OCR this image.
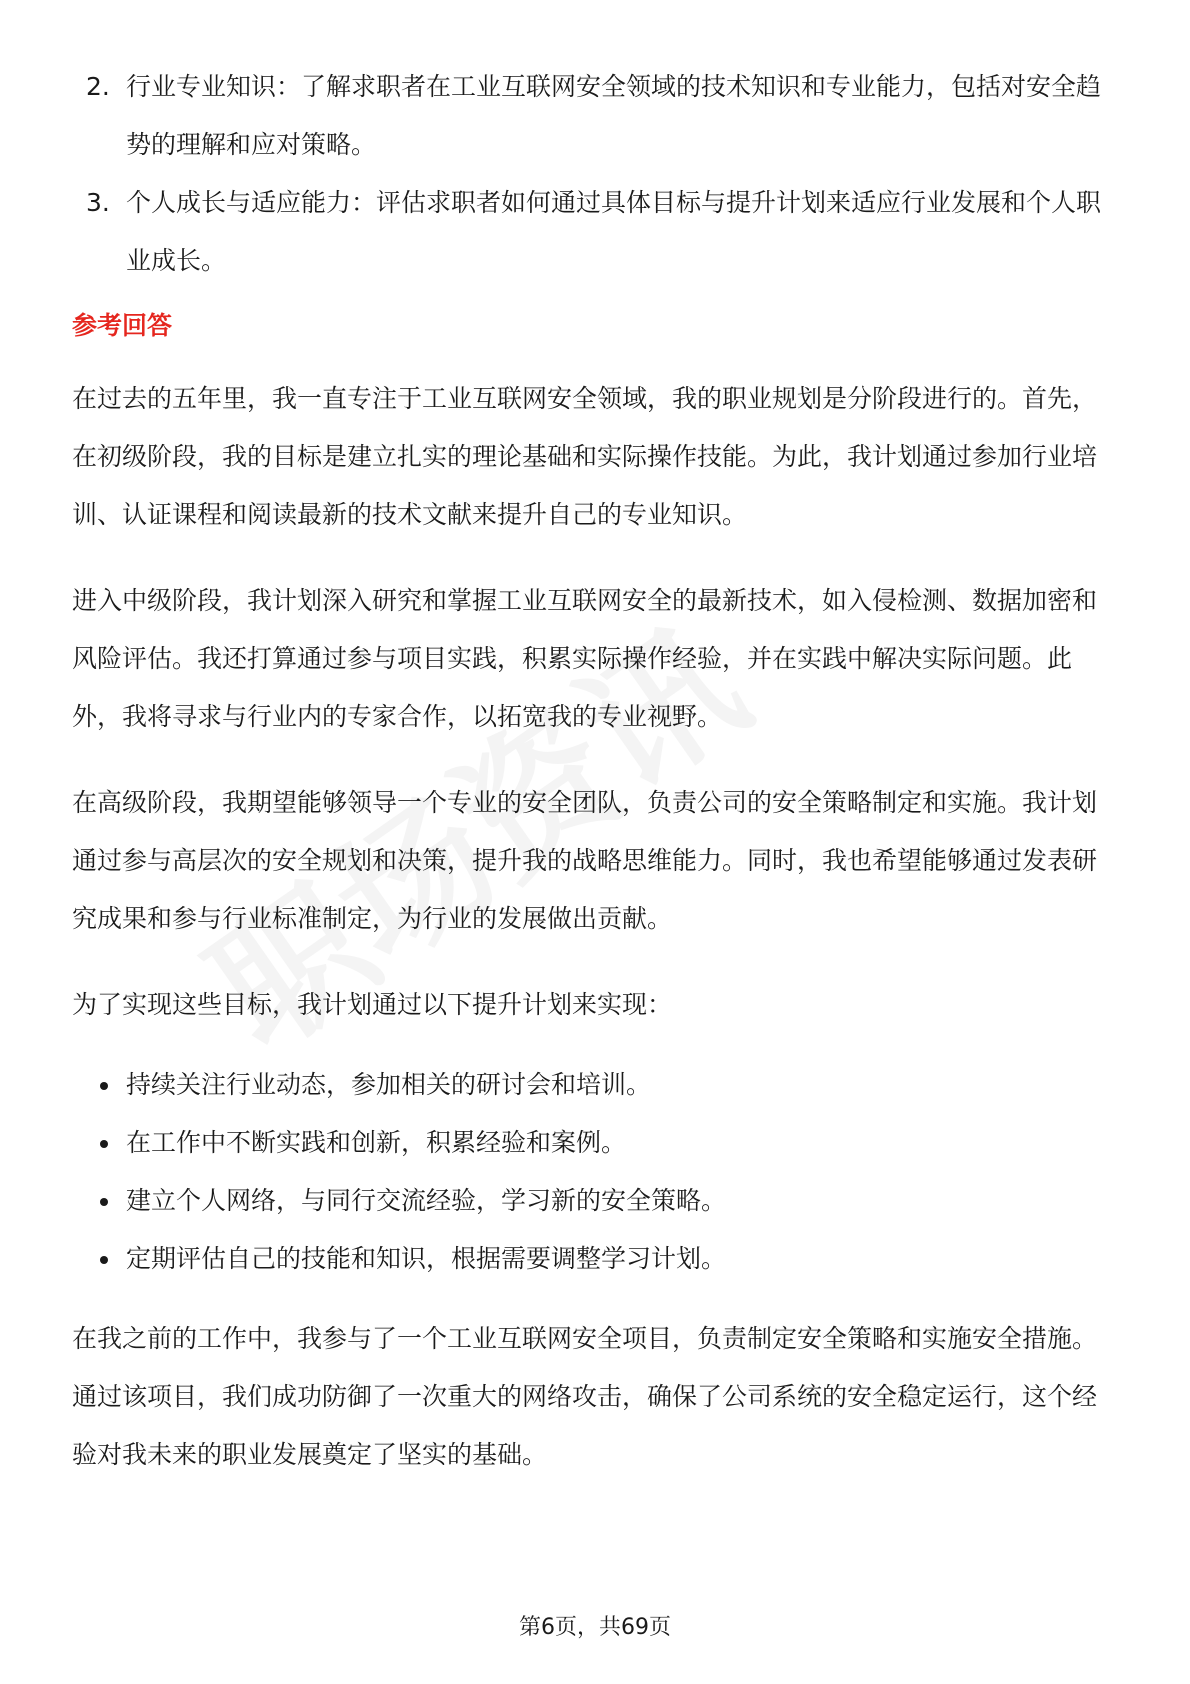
2. 行业专业知识：了解求职者在工业互联网安全领域的技术知识和专业能力，包括对安全趋势的理解和应对策略。
3. 个人成长与适应能力：评估求职者如何通过具体目标与提升计划来适应行业发展和个人职业成长。
参考回答

在过去的五年里，我一直专注于工业互联网安全领域，我的职业规划是分阶段进行的。首先，在初级阶段，我的目标是建立扎实的理论基础和实际操作技能。为此，我计划通过参加行业培训、认证课程和阅读最新的技术文献来提升自己的专业知识。

进入中级阶段，我计划深入研究和掌握工业互联网安全的最新技术，如入侵检测、数据加密和风险评估。我还打算通过参与项目实践，积累实际操作经验，并在实践中解决实际问题。此外，我将寻求与行业内的专家合作，以拓宽我的专业视野。

在高级阶段，我期望能够领导一个专业的安全团队，负责公司的安全策略制定和实施。我计划通过参与高层次的安全规划和决策，提升我的战略思维能力。同时，我也希望能够通过发表研究成果和参与行业标准制定，为行业的发展做出贡献。

为了实现这些目标，我计划通过以下提升计划来实现：

持续关注行业动态，参加相关的研讨会和培训。
在工作中不断实践和创新，积累经验和案例。
建立个人网络，与同行交流经验，学习新的安全策略。
定期评估自己的技能和知识，根据需要调整学习计划。

在我之前的工作中，我参与了一个工业互联网安全项目，负责制定安全策略和实施安全措施。通过该项目，我们成功防御了一次重大的网络攻击，确保了公司系统的安全稳定运行，这个经验对我未来的职业发展奠定了坚实的基础。

第6页，共69页
